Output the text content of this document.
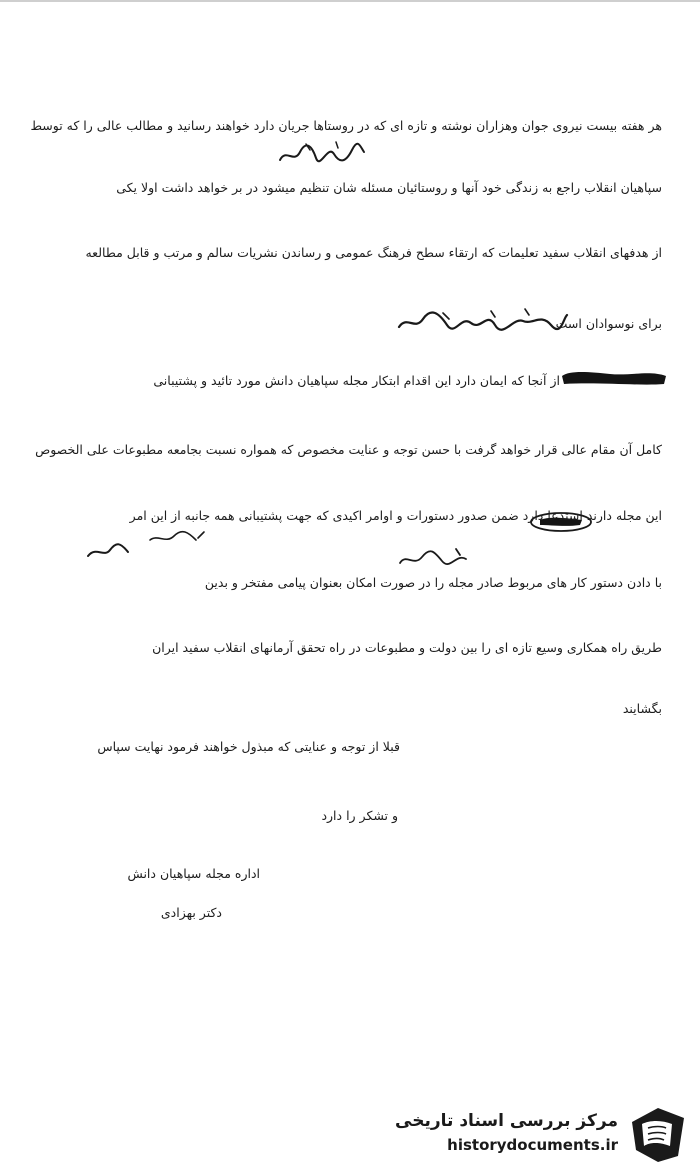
هر هفته بیست نیروی جوان وهزاران نوشته و تازه ای که در روستاها جریان دارد خواهند رسانید و مطالب عالی را که توسط
سپاهیان انقلاب راجع به زندگی خود آنها و روستائیان مسئله شان تنظیم میشود در بر خواهد داشت اولا یکی
از هدفهای انقلاب سفید تعلیمات که ارتقاء سطح فرهنگ عمومی و رساندن نشریات سالم و مرتب و قابل مطالعه
برای نوسوادان است
از آنجا که ایمان دارد این اقدام ابتکار مجله سپاهیان دانش مورد تائید و پشتیبانی
کامل آن مقام عالی قرار خواهد گرفت با حسن توجه و عنایت مخصوص که همواره نسبت بجامعه مطبوعات علی الخصوص
این مجله دارند استدعا دارد ضمن صدور دستورات و اوامر اکیدی که جهت پشتیبانی همه جانبه از این امر
با دادن دستور کار های مربوط صادر مجله را در صورت امکان بعنوان پیامی مفتخر و بدین
طریق راه همکاری وسیع تازه ای را بین دولت و مطبوعات در راه تحقق آرمانهای انقلاب سفید ایران
بگشایند
قبلا از توجه و عنایتی که مبذول خواهند فرمود نهایت سپاس
و تشکر را دارد
اداره مجله سپاهیان دانش
دکتر بهزادی
مرکز بررسی اسناد تاریخی
historydocuments.ir
